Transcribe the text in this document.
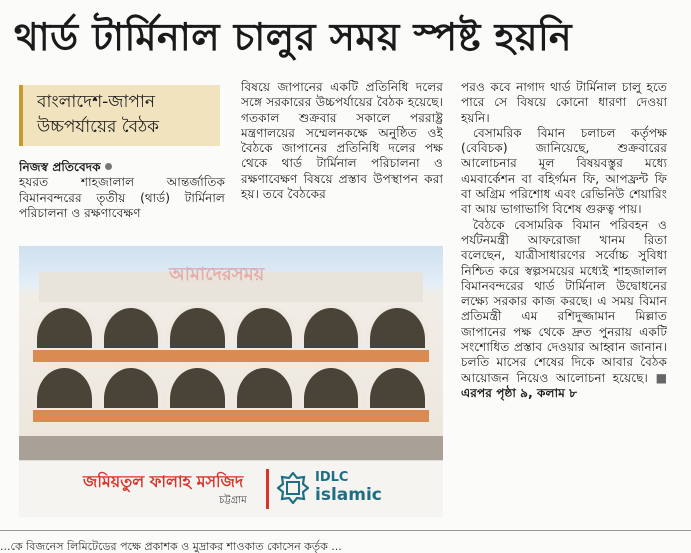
থার্ড টার্মিনাল চালুর সময় স্পষ্ট হয়নি
বাংলাদেশ-জাপান
উচ্চপর্যায়ের বৈঠক

নিজস্ব প্রতিবেদক

হযরত শাহজালাল আন্তর্জাতিক বিমানবন্দরের তৃতীয় (থার্ড) টার্মিনাল পরিচালনা ও রক্ষণাবেক্ষণ

বিষয়ে জাপানের একটি প্রতিনিধি দলের সঙ্গে সরকারের উচ্চপর্যায়ের বৈঠক হয়েছে। গতকাল শুক্রবার সকালে পররাষ্ট্র মন্ত্রণালয়ের সম্মেলনকক্ষে অনুষ্ঠিত ওই বৈঠকে জাপানের প্রতিনিধি দলের পক্ষ থেকে থার্ড টার্মিনাল পরিচালনা ও রক্ষণাবেক্ষণ বিষয়ে প্রস্তাব উপস্থাপন করা হয়। তবে বৈঠকের

পরও কবে নাগাদ থার্ড টার্মিনাল চালু হতে পারে সে বিষয়ে কোনো ধারণা দেওয়া হয়নি।

বেসামরিক বিমান চলাচল কর্তৃপক্ষ (বেবিচক) জানিয়েছে, শুক্রবারের আলোচনার মূল বিষয়বস্তুর মধ্যে এমবার্কেশন বা বহির্গমন ফি, আপফ্রন্ট ফি বা অগ্রিম পরিশোধ এবং রেভিনিউ শেয়ারিং বা আয় ভাগাভাগি বিশেষ গুরুত্ব পায়।

বৈঠকে বেসামরিক বিমান পরিবহন ও পর্যটনমন্ত্রী আফরোজা খানম রিতা বলেছেন, যাত্রীসাধারণের সর্বোচ্চ সুবিধা নিশ্চিত করে স্বল্পসময়ের মধ্যেই শাহজালাল বিমানবন্দরের থার্ড টার্মিনাল উদ্বোধনের লক্ষ্যে সরকার কাজ করছে। এ সময় বিমান প্রতিমন্ত্রী এম রশিদুজ্জামান মিল্লাত জাপানের পক্ষ থেকে দ্রুত পুনরায় একটি সংশোধিত প্রস্তাব দেওয়ার আহ্বান জানান। চলতি মাসের শেষের দিকে আবার বৈঠক আয়োজন নিয়েও আলোচনা হয়েছে। ■ এরপর পৃষ্ঠা ৯, কলাম ৮

আমাদেরসময়
জমিয়তুল ফালাহ মসজিদ
চট্টগ্রাম
IDLC
islamic
...কে বিজনেস লিমিটেডের পক্ষে প্রকাশক ও মুদ্রাকর শাওকাত কোসেন কর্তৃক ...
